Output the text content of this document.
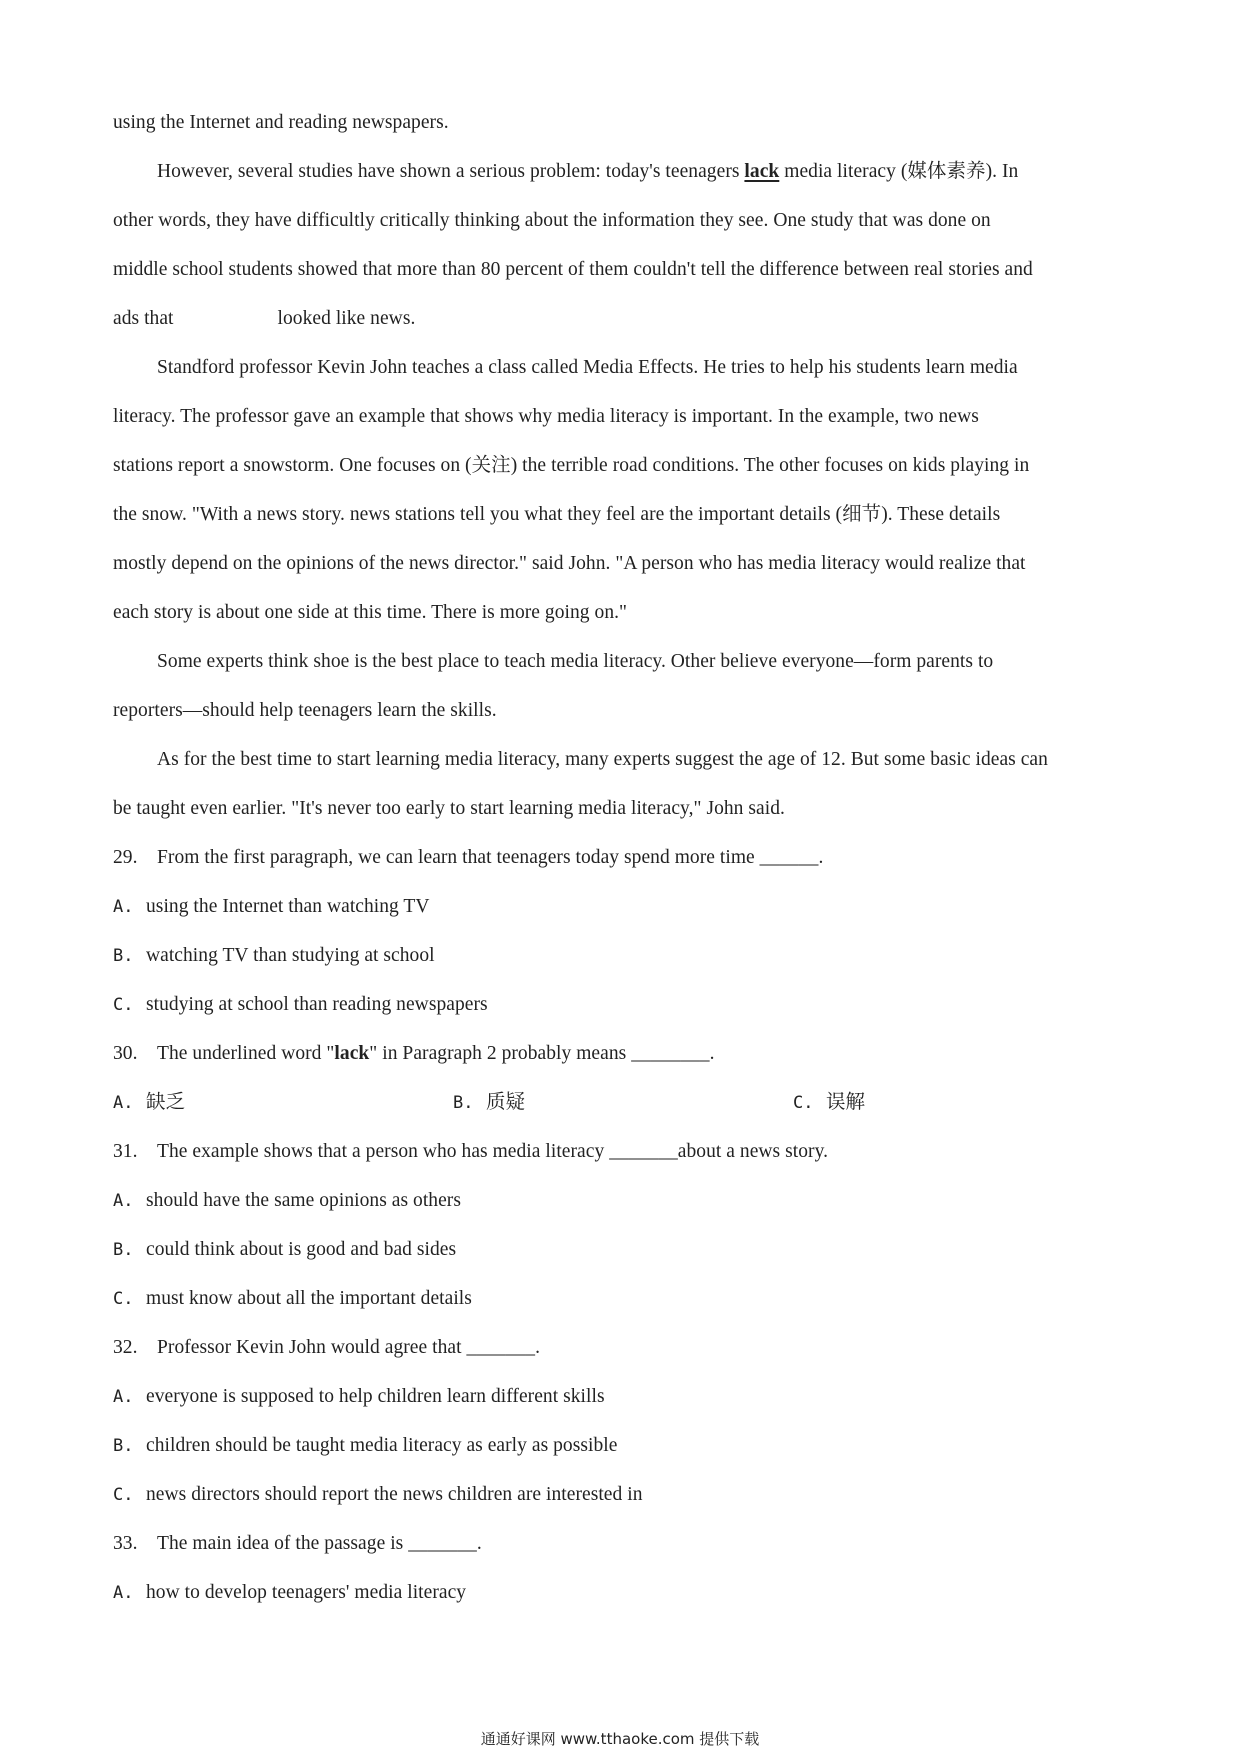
using the Internet and reading newspapers.
However, several studies have shown a serious problem: today's teenagers lack media literacy (媒体素养). In
other words, they have difficultly critically thinking about the information they see. One study that was done on
middle school students showed that more than 80 percent of them couldn't tell the difference between real stories and
ads that	looked like news.
Standford professor Kevin John teaches a class called Media Effects. He tries to help his students learn media
literacy. The professor gave an example that shows why media literacy is important. In the example, two news
stations report a snowstorm. One focuses on (关注) the terrible road conditions. The other focuses on kids playing in
the snow. "With a news story. news stations tell you what they feel are the important details (细节). These details
mostly depend on the opinions of the news director." said John. "A person who has media literacy would realize that
each story is about one side at this time. There is more going on."
Some experts think shoe is the best place to teach media literacy. Other believe everyone—form parents to
reporters—should help teenagers learn the skills.
As for the best time to start learning media literacy, many experts suggest the age of 12. But some basic ideas can
be taught even earlier. "It's never too early to start learning media literacy," John said.
29. From the first paragraph, we can learn that teenagers today spend more time ______.
A. using the Internet than watching TV
B. watching TV than studying at school
C. studying at school than reading newspapers
30. The underlined word "lack" in Paragraph 2 probably means ________.
A. 缺乏	B. 质疑	C. 误解
31. The example shows that a person who has media literacy _______about a news story.
A. should have the same opinions as others
B. could think about is good and bad sides
C. must know about all the important details
32. Professor Kevin John would agree that _______.
A. everyone is supposed to help children learn different skills
B. children should be taught media literacy as early as possible
C. news directors should report the news children are interested in
33. The main idea of the passage is _______.
A. how to develop teenagers' media literacy
通通好课网 www.tthaoke.com 提供下载
